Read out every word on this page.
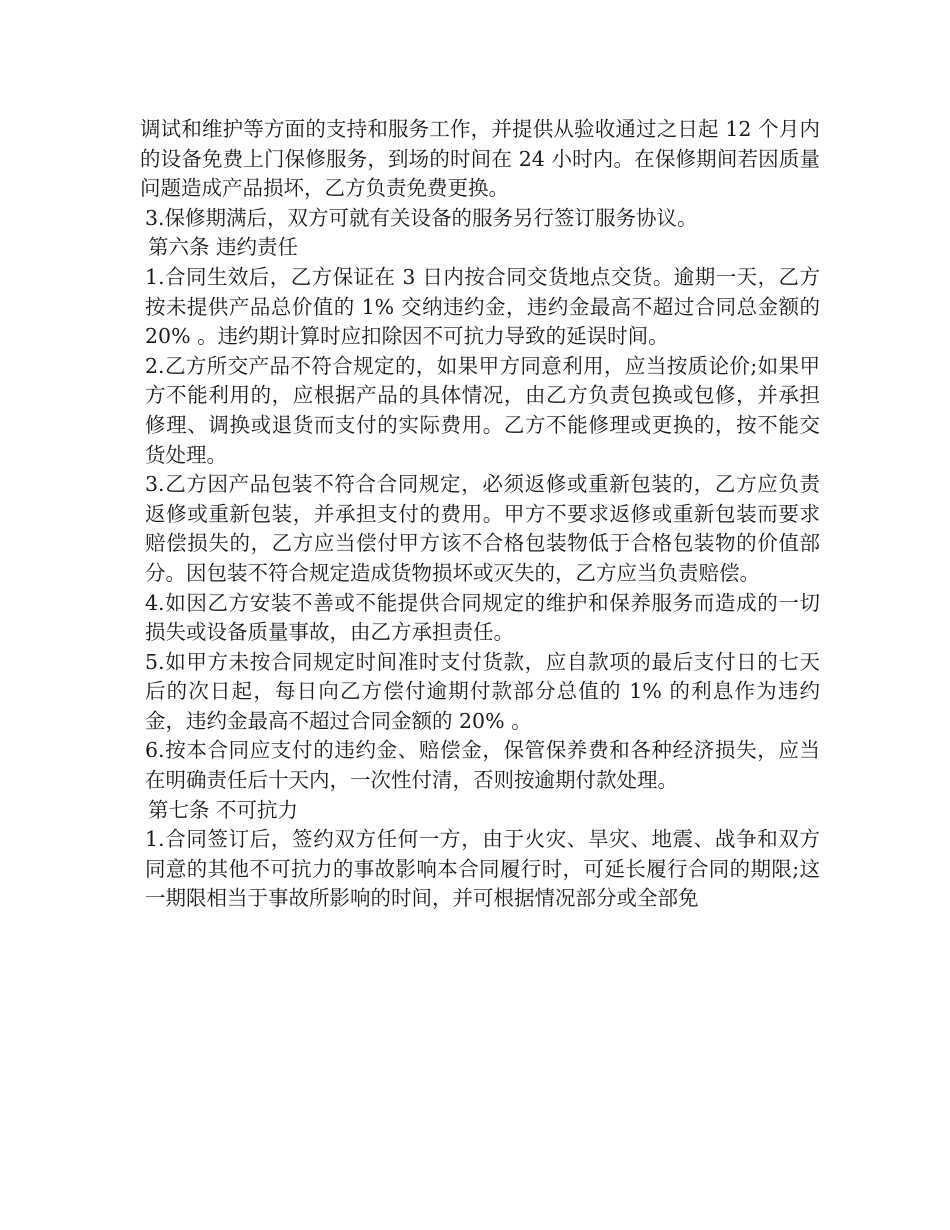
调试和维护等方面的支持和服务工作，并提供从验收通过之日起 12 个月内的设备免费上门保修服务，到场的时间在 24 小时内。在保修期间若因质量问题造成产品损坏，乙方负责免费更换。

3.保修期满后，双方可就有关设备的服务另行签订服务协议。

第六条 违约责任

1.合同生效后，乙方保证在 3 日内按合同交货地点交货。逾期一天，乙方按未提供产品总价值的 1% 交纳违约金，违约金最高不超过合同总金额的 20% 。违约期计算时应扣除因不可抗力导致的延误时间。

2.乙方所交产品不符合规定的，如果甲方同意利用，应当按质论价;如果甲方不能利用的，应根据产品的具体情况，由乙方负责包换或包修，并承担修理、调换或退货而支付的实际费用。乙方不能修理或更换的，按不能交货处理。

3.乙方因产品包装不符合合同规定，必须返修或重新包装的，乙方应负责返修或重新包装，并承担支付的费用。甲方不要求返修或重新包装而要求赔偿损失的，乙方应当偿付甲方该不合格包装物低于合格包装物的价值部分。因包装不符合规定造成货物损坏或灭失的，乙方应当负责赔偿。

4.如因乙方安装不善或不能提供合同规定的维护和保养服务而造成的一切损失或设备质量事故，由乙方承担责任。

5.如甲方未按合同规定时间准时支付货款，应自款项的最后支付日的七天后的次日起，每日向乙方偿付逾期付款部分总值的 1% 的利息作为违约金，违约金最高不超过合同金额的 20% 。

6.按本合同应支付的违约金、赔偿金，保管保养费和各种经济损失，应当在明确责任后十天内，一次性付清，否则按逾期付款处理。

第七条 不可抗力

1.合同签订后，签约双方任何一方，由于火灾、旱灾、地震、战争和双方同意的其他不可抗力的事故影响本合同履行时，可延长履行合同的期限;这一期限相当于事故所影响的时间，并可根据情况部分或全部免
